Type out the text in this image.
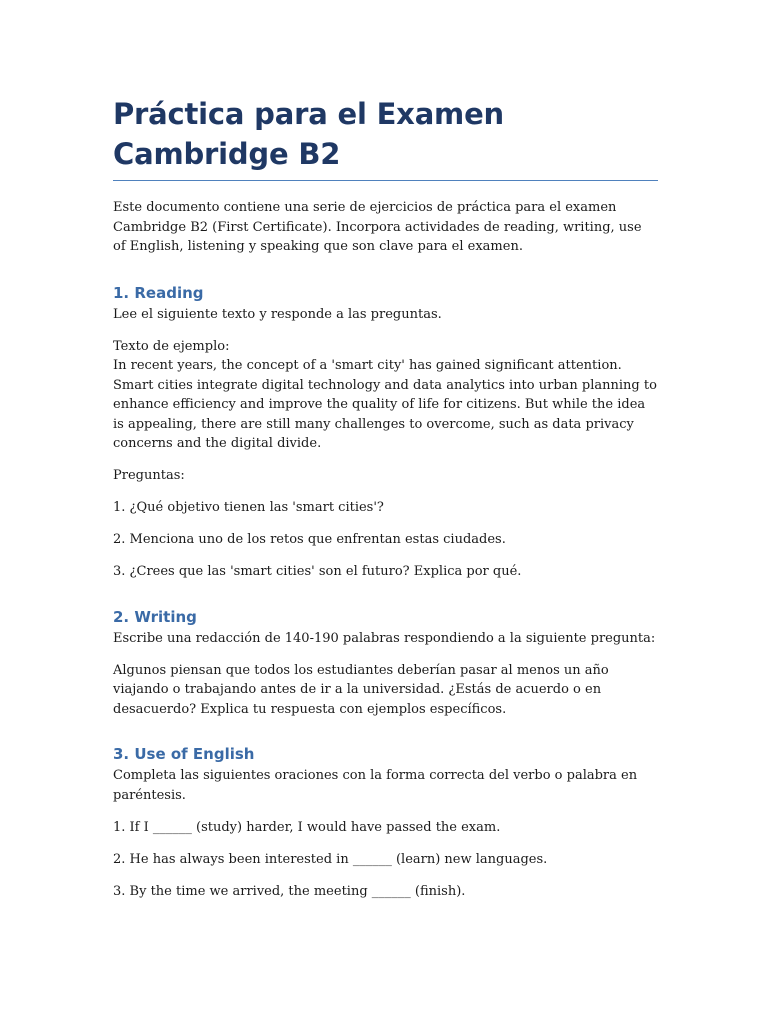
Práctica para el Examen Cambridge B2

Este documento contiene una serie de ejercicios de práctica para el examen Cambridge B2 (First Certificate). Incorpora actividades de reading, writing, use of English, listening y speaking que son clave para el examen.

1. Reading

Lee el siguiente texto y responde a las preguntas.

Texto de ejemplo:

In recent years, the concept of a 'smart city' has gained significant attention. Smart cities integrate digital technology and data analytics into urban planning to enhance efficiency and improve the quality of life for citizens. But while the idea is appealing, there are still many challenges to overcome, such as data privacy concerns and the digital divide.

Preguntas:

1. ¿Qué objetivo tienen las 'smart cities'?

2. Menciona uno de los retos que enfrentan estas ciudades.

3. ¿Crees que las 'smart cities' son el futuro? Explica por qué.

2. Writing

Escribe una redacción de 140-190 palabras respondiendo a la siguiente pregunta:

Algunos piensan que todos los estudiantes deberían pasar al menos un año viajando o trabajando antes de ir a la universidad. ¿Estás de acuerdo o en desacuerdo? Explica tu respuesta con ejemplos específicos.

3. Use of English

Completa las siguientes oraciones con la forma correcta del verbo o palabra en paréntesis.

1. If I ______ (study) harder, I would have passed the exam.

2. He has always been interested in ______ (learn) new languages.

3. By the time we arrived, the meeting ______ (finish).
